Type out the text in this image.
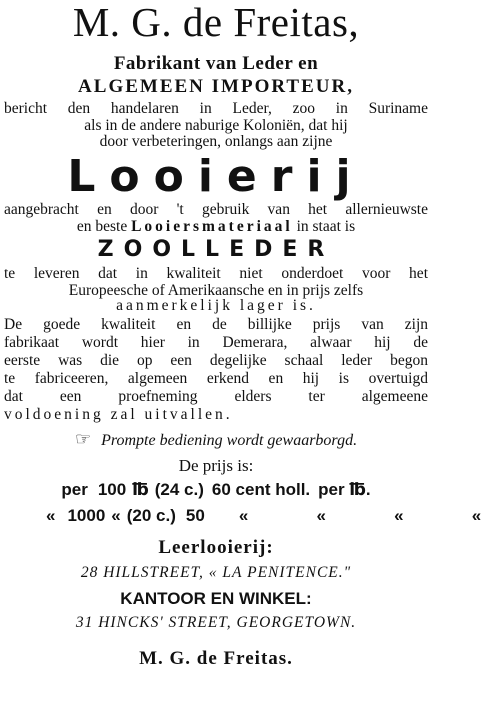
M. G. de Freitas,
Fabrikant van Leder en
ALGEMEEN IMPORTEUR,
bericht den handelaren in Leder, zoo in Suriname
als in de andere naburige Koloniën, dat hij
door verbeteringen, onlangs aan zijne
Looierij
aangebracht en door 't gebruik van het allernieuwste
en beste Looiersmateriaal in staat is
ZOOLLEDER
te leveren dat in kwaliteit niet onderdoet voor het
Europeesche of Amerikaansche en in prijs zelfs
aanmerkelijk lager is.
De goede kwaliteit en de billijke prijs van zijn
fabrikaat wordt hier in Demerara, alwaar hij de
eerste was die op een degelijke schaal leder begon
te fabriceeren, algemeen erkend en hij is overtuigd
dat een proefneming elders ter algemeene
voldoening zal uitvallen.
☞ Prompte bediening wordt gewaarborgd.
De prijs is:
per 100 ℔ (24 c.) 60 cent holl. per ℔.
« 1000 « (20 c.) 50 «   «   «   «
Leerlooierij:
28 HILLSTREET, « LA PENITENCE."
KANTOOR EN WINKEL:
31 HINCKS' STREET, GEORGETOWN.
M. G. de Freitas.
